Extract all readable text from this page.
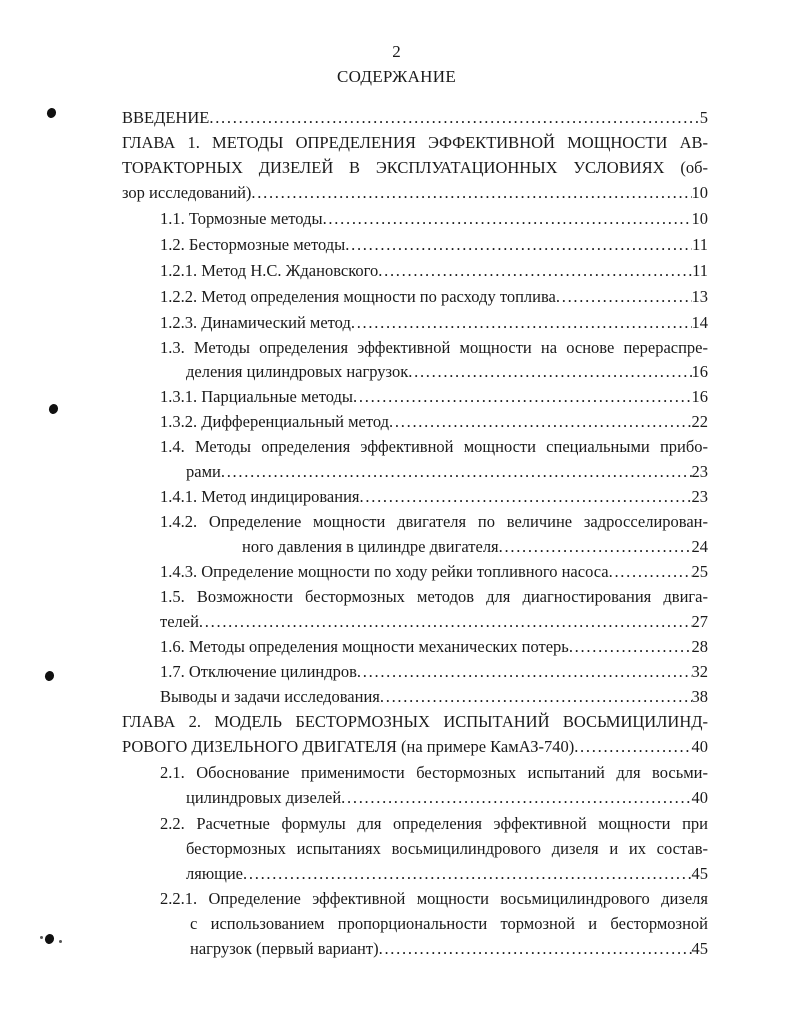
2
СОДЕРЖАНИЕ
ВВЕДЕНИЕ . . .	5
ГЛАВА 1. МЕТОДЫ ОПРЕДЕЛЕНИЯ ЭФФЕКТИВНОЙ МОЩНОСТИ АВ-
ТОРАКТОРНЫХ ДИЗЕЛЕЙ В ЭКСПЛУАТАЦИОННЫХ УСЛОВИЯХ (об-
зор исследований) . . .	10
1.1. Тормозные методы . . .	10
1.2. Бестормозные методы . . .	11
1.2.1. Метод Н.С. Ждановского . . .	11
1.2.2. Метод определения мощности по расходу топлива . . .	13
1.2.3. Динамический метод . . .	14
1.3. Методы определения эффективной мощности на основе перераспре-
деления цилиндровых нагрузок . . .	16
1.3.1. Парциальные методы . . .	16
1.3.2. Дифференциальный метод . . .	22
1.4. Методы определения эффективной мощности специальными прибо-
рами . . .	23
1.4.1. Метод индицирования . . .	23
1.4.2. Определение мощности двигателя по величине задросселирован-
ного давления в цилиндре двигателя . . .	24
1.4.3. Определение мощности по ходу рейки топливного насоса . . .	25
1.5. Возможности бестормозных методов для диагностирования двига-
телей . . .	27
1.6. Методы определения мощности механических потерь . . .	28
1.7. Отключение цилиндров . . .	32
Выводы и задачи исследования . . .	38
ГЛАВА 2. МОДЕЛЬ БЕСТОРМОЗНЫХ ИСПЫТАНИЙ ВОСЬМИЦИЛИНД-
РОВОГО ДИЗЕЛЬНОГО ДВИГАТЕЛЯ (на примере КамАЗ-740) . . .	40
2.1. Обоснование применимости бестормозных испытаний для восьми-
цилиндровых дизелей . . .	40
2.2. Расчетные формулы для определения эффективной мощности при
бестормозных испытаниях восьмицилиндрового дизеля и их состав-
ляющие . . .	45
2.2.1. Определение эффективной мощности восьмицилиндрового дизеля
с использованием пропорциональности тормозной и бестормозной
нагрузок (первый вариант) . . .	45
